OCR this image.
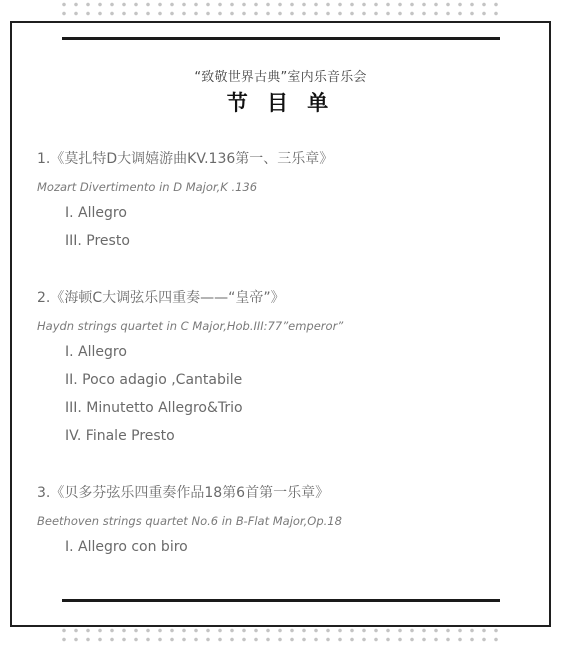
“致敬世界古典”室内乐音乐会
节 目 单
1.《莫扎特D大调嬉游曲KV.136第一、三乐章》
Mozart Divertimento in D Major,K .136
I. Allegro
III. Presto
2.《海顿C大调弦乐四重奏——“皇帝”》
Haydn strings quartet in C Major,Hob.III:77”emperor”
I. Allegro
II. Poco adagio ,Cantabile
III. Minutetto Allegro&Trio
IV. Finale Presto
3.《贝多芬弦乐四重奏作品18第6首第一乐章》
Beethoven strings quartet No.6 in B-Flat Major,Op.18
I. Allegro con biro
